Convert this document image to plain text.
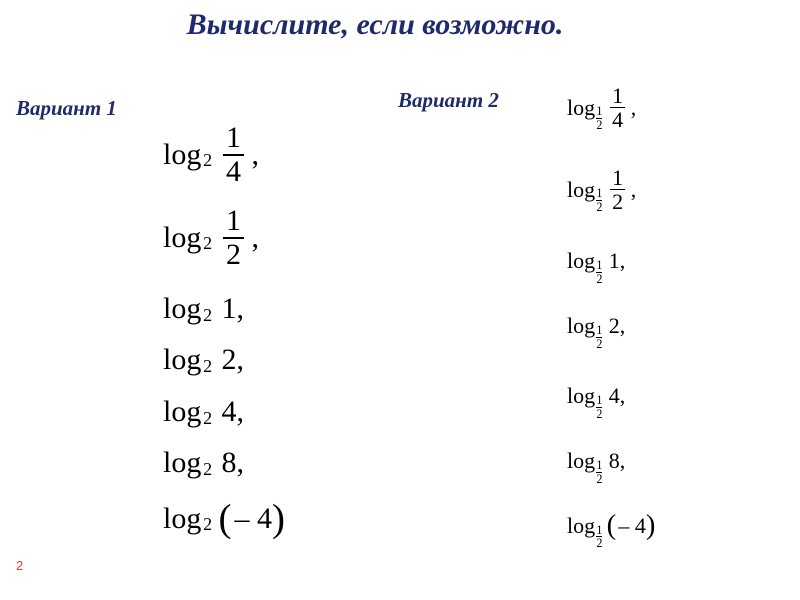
Вычислите, если возможно.
Вариант 1	Вариант 2
$\log 2 \frac{1}{4}$ ,
$\log 2 \frac{1}{2}$ ,
log 2 1 ,
log 2 2 ,
log 2 4 ,
log 2 8 ,
log 2 ( – 4 )
log 1
$2 \frac{1}{4}$ ,
log 1
$2 \frac{1}{2}$ ,
log 1
2
1 ,
log 1
2
2 ,
log 1
2
4 ,
log 1
2
8 ,
log 1
2
( – 4 )
2
